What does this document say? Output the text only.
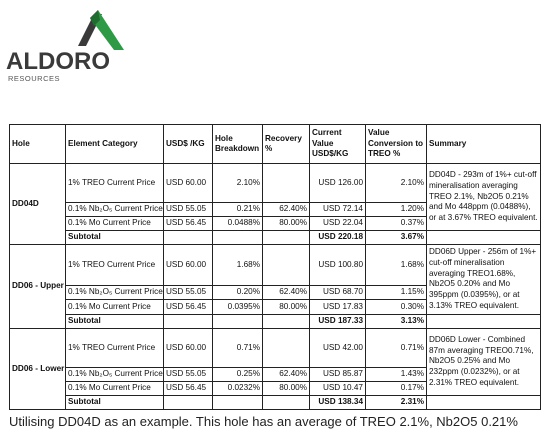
ALDORO
RESOURCES
Hole	Element Category	USD$ /KG	Hole Breakdown	Recovery %	Current Value USD$/KG	Value Conversion to TREO %	Summary
DD04D	1% TREO Current Price	USD 60.00	2.10%		USD 126.00	2.10%	DD04D - 293m of 1%+ cut-off mineralisation averaging TREO 2.1%, Nb2O5 0.21% and Mo 448ppm (0.0488%), or at 3.67% TREO equivalent.
	0.1% Nb₂O₅ Current Price	USD 55.05	0.21%	62.40%	USD 72.14	1.20%	
	0.1% Mo Current Price	USD 56.45	0.0488%	80.00%	USD 22.04	0.37%	
	Subtotal				USD 220.18	3.67%	
DD06 - Upper	1% TREO Current Price	USD 60.00	1.68%		USD 100.80	1.68%	DD06D Upper - 256m of 1%+ cut-off mineralisation averaging TREO1.68%, Nb2O5 0.20% and Mo 395ppm (0.0395%), or at 3.13% TREO equivalent.
	0.1% Nb₂O₅ Current Price	USD 55.05	0.20%	62.40%	USD 68.70	1.15%	
	0.1% Mo Current Price	USD 56.45	0.0395%	80.00%	USD 17.83	0.30%	
	Subtotal				USD 187.33	3.13%	
DD06 - Lower	1% TREO Current Price	USD 60.00	0.71%		USD 42.00	0.71%	DD06D Lower - Combined 87m averaging TREO0.71%, Nb2O5 0.25% and Mo 232ppm (0.0232%), or at 2.31% TREO equivalent.
	0.1% Nb₂O₅ Current Price	USD 55.05	0.25%	62.40%	USD 85.87	1.43%	
	0.1% Mo Current Price	USD 56.45	0.0232%	80.00%	USD 10.47	0.17%	
	Subtotal				USD 138.34	2.31%	
Utilising DD04D as an example. This hole has an average of TREO 2.1%, Nb2O5 0.21%
